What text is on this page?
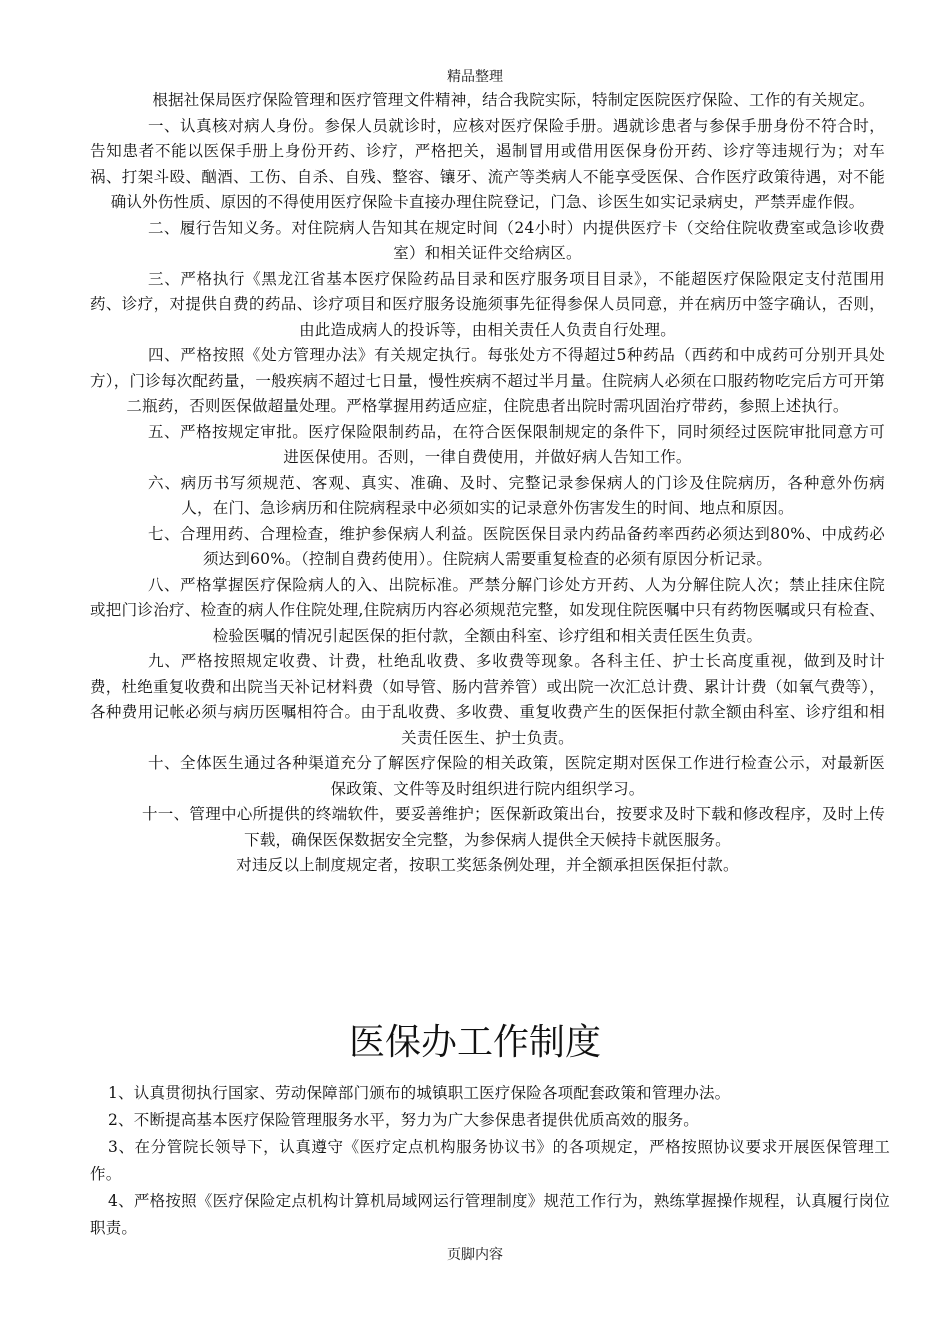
精品整理

根据社保局医疗保险管理和医疗管理文件精神，结合我院实际，特制定医院医疗保险、工作的有关规定。

一、认真核对病人身份。参保人员就诊时，应核对医疗保险手册。遇就诊患者与参保手册身份不符合时，告知患者不能以医保手册上身份开药、诊疗，严格把关，遏制冒用或借用医保身份开药、诊疗等违规行为；对车祸、打架斗殴、酗酒、工伤、自杀、自残、整容、镶牙、流产等类病人不能享受医保、合作医疗政策待遇，对不能确认外伤性质、原因的不得使用医疗保险卡直接办理住院登记，门急、诊医生如实记录病史，严禁弄虚作假。

二、履行告知义务。对住院病人告知其在规定时间（24小时）内提供医疗卡（交给住院收费室或急诊收费室）和相关证件交给病区。

三、严格执行《黑龙江省基本医疗保险药品目录和医疗服务项目目录》，不能超医疗保险限定支付范围用药、诊疗，对提供自费的药品、诊疗项目和医疗服务设施须事先征得参保人员同意，并在病历中签字确认，否则，由此造成病人的投诉等，由相关责任人负责自行处理。

四、严格按照《处方管理办法》有关规定执行。每张处方不得超过5种药品（西药和中成药可分别开具处方），门诊每次配药量，一般疾病不超过七日量，慢性疾病不超过半月量。住院病人必须在口服药物吃完后方可开第二瓶药，否则医保做超量处理。严格掌握用药适应症，住院患者出院时需巩固治疗带药，参照上述执行。

五、严格按规定审批。医疗保险限制药品，在符合医保限制规定的条件下，同时须经过医院审批同意方可进医保使用。否则，一律自费使用，并做好病人告知工作。

六、病历书写须规范、客观、真实、准确、及时、完整记录参保病人的门诊及住院病历，各种意外伤病人，在门、急诊病历和住院病程录中必须如实的记录意外伤害发生的时间、地点和原因。

七、合理用药、合理检查，维护参保病人利益。医院医保目录内药品备药率西药必须达到80%、中成药必须达到60%。（控制自费药使用）。住院病人需要重复检查的必须有原因分析记录。

八、严格掌握医疗保险病人的入、出院标准。严禁分解门诊处方开药、人为分解住院人次；禁止挂床住院或把门诊治疗、检查的病人作住院处理,住院病历内容必须规范完整，如发现住院医嘱中只有药物医嘱或只有检查、检验医嘱的情况引起医保的拒付款，全额由科室、诊疗组和相关责任医生负责。

九、严格按照规定收费、计费，杜绝乱收费、多收费等现象。各科主任、护士长高度重视，做到及时计费，杜绝重复收费和出院当天补记材料费（如导管、肠内营养管）或出院一次汇总计费、累计计费（如氧气费等），各种费用记帐必须与病历医嘱相符合。由于乱收费、多收费、重复收费产生的医保拒付款全额由科室、诊疗组和相关责任医生、护士负责。

十、全体医生通过各种渠道充分了解医疗保险的相关政策，医院定期对医保工作进行检查公示，对最新医保政策、文件等及时组织进行院内组织学习。

十一、管理中心所提供的终端软件，要妥善维护；医保新政策出台，按要求及时下载和修改程序，及时上传下载，确保医保数据安全完整，为参保病人提供全天候持卡就医服务。

对违反以上制度规定者，按职工奖惩条例处理，并全额承担医保拒付款。

医保办工作制度

1、认真贯彻执行国家、劳动保障部门颁布的城镇职工医疗保险各项配套政策和管理办法。

2、不断提高基本医疗保险管理服务水平，努力为广大参保患者提供优质高效的服务。

3、在分管院长领导下，认真遵守《医疗定点机构服务协议书》的各项规定，严格按照协议要求开展医保管理工作。

4、严格按照《医疗保险定点机构计算机局域网运行管理制度》规范工作行为，熟练掌握操作规程，认真履行岗位职责。

页脚内容
